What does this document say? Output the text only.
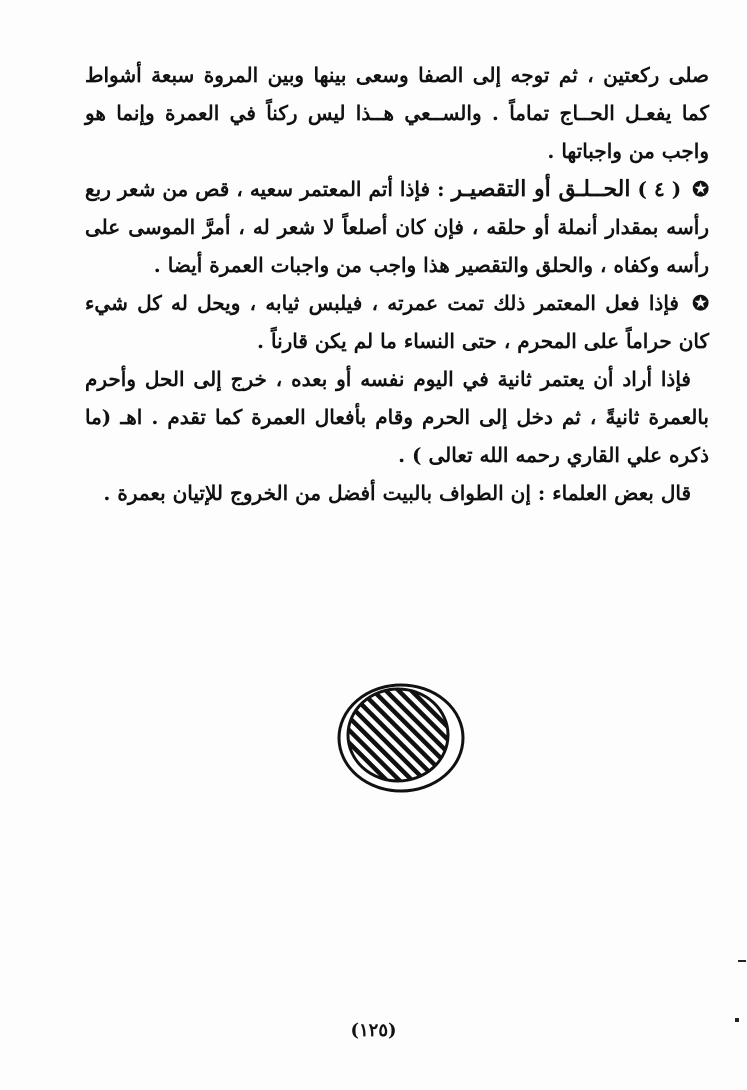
صلى ركعتين ، ثم توجه إلى الصفا وسعى بينها وبين المروة سبعة أشواط كما يفعـل الحــاج تماماً . والســعي هــذا ليس ركناً في العمرة وإنما هو واجب من واجباتها .

✪ ( ٤ ) الحــلـق أو التقصيـر : فإذا أتم المعتمر سعيه ، قص من شعر ربع رأسه بمقدار أنملة أو حلقه ، فإن كان أصلعاً لا شعر له ، أمرَّ الموسى على رأسه وكفاه ، والحلق والتقصير هذا واجب من واجبات العمرة أيضا .

✪ فإذا فعل المعتمر ذلك تمت عمرته ، فيلبس ثيابه ، ويحل له كل شيء كان حراماً على المحرم ، حتى النساء ما لم يكن قارناً .

فإذا أراد أن يعتمر ثانية في اليوم نفسه أو بعده ، خرج إلى الحل وأحرم بالعمرة ثانيةً ، ثم دخل إلى الحرم وقام بأفعال العمرة كما تقدم . اهـ (ما ذكره علي القاري رحمه الله تعالى ) .

قال بعض العلماء : إن الطواف بالبيت أفضل من الخروج للإتيان بعمرة .

(١٢٥)
